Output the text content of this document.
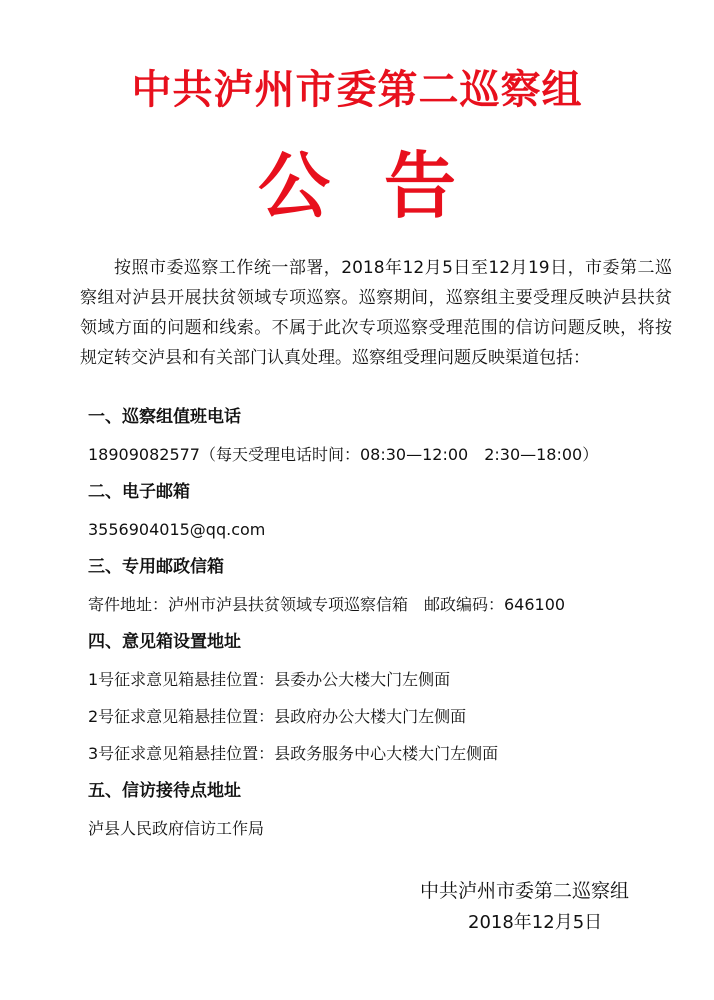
中共泸州市委第二巡察组
公告
按照市委巡察工作统一部署，2018年12月5日至12月19日，市委第二巡察组对泸县开展扶贫领域专项巡察。巡察期间，巡察组主要受理反映泸县扶贫领域方面的问题和线索。不属于此次专项巡察受理范围的信访问题反映，将按规定转交泸县和有关部门认真处理。巡察组受理问题反映渠道包括：
一、巡察组值班电话
18909082577（每天受理电话时间：08:30—12:00　2:30—18:00）
二、电子邮箱
3556904015@qq.com
三、专用邮政信箱
寄件地址：泸州市泸县扶贫领域专项巡察信箱　邮政编码：646100
四、意见箱设置地址
1号征求意见箱悬挂位置：县委办公大楼大门左侧面
2号征求意见箱悬挂位置：县政府办公大楼大门左侧面
3号征求意见箱悬挂位置：县政务服务中心大楼大门左侧面
五、信访接待点地址
泸县人民政府信访工作局
中共泸州市委第二巡察组
2018年12月5日
